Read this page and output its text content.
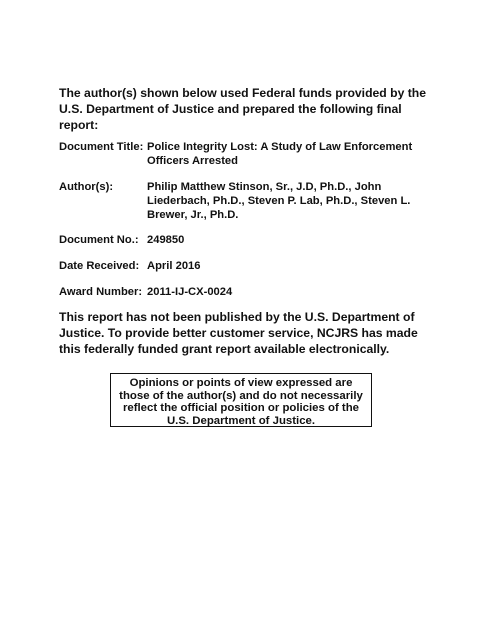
The author(s) shown below used Federal funds provided by the U.S. Department of Justice and prepared the following final report:
Document Title: Police Integrity Lost: A Study of Law Enforcement Officers Arrested
Author(s):	Philip Matthew Stinson, Sr., J.D, Ph.D., John Liederbach, Ph.D., Steven P. Lab, Ph.D., Steven L. Brewer, Jr., Ph.D.
Document No.: 249850
Date Received: April 2016
Award Number: 2011-IJ-CX-0024
This report has not been published by the U.S. Department of Justice. To provide better customer service, NCJRS has made this federally funded grant report available electronically.
Opinions or points of view expressed are those of the author(s) and do not necessarily reflect the official position or policies of the U.S. Department of Justice.
